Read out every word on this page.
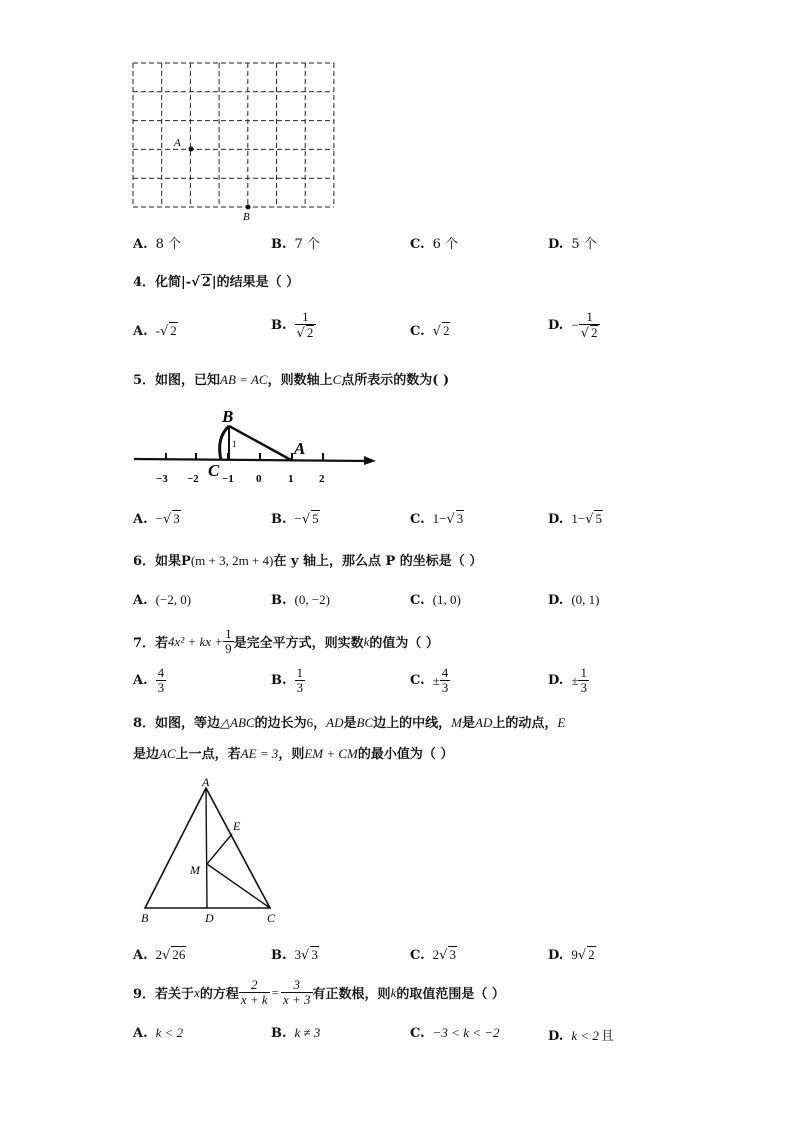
A
B
A. 8 个	B. 7 个	C. 6 个	D. 5 个
4．化简|-√ 2|的结果是（ ）
A. -√ 2	B. $\frac{1}{√ 2}$	C. √ 2	D. − $\frac{1}{√ 2}$
5．如图，已知AB = AC，则数轴上C点所表示的数为( )
−3 −2 −1 0 1 2
B
A
C
1
A. −√ 3	B. −√ 5	C. 1−√ 3	D. 1−√ 5
6．如果P(m + 3, 2m + 4)在 y 轴上，那么点 P 的坐标是（ ）
A. (−2, 0)	B. (0, −2)	C. (1, 0)	D. (0, 1)
7．若 4x² + kx + $\frac{1}{9}$ 是完全平方式，则实数 k 的值为（ ）
A. $\frac{4}{3}$	B. $\frac{1}{3}$	C. ± $\frac{4}{3}$	D. ± $\frac{1}{3}$
8．如图，等边△ABC的边长为6，AD是BC边上的中线，M是AD上的动点，E
是边AC上一点，若AE = 3，则EM + CM的最小值为（ ）
A
B	C
D
E
M
A. 2√ 26	B. 3√ 3	C. 2√ 3	D. 9√ 2
9．若关于 x 的方程 $\frac{2}{x + k} = \frac{3}{x + 3}$ 有正数根，则 k 的取值范围是（ ）
A. k < 2	B. k ≠ 3	C. −3 < k < −2	D. k < 2 且
